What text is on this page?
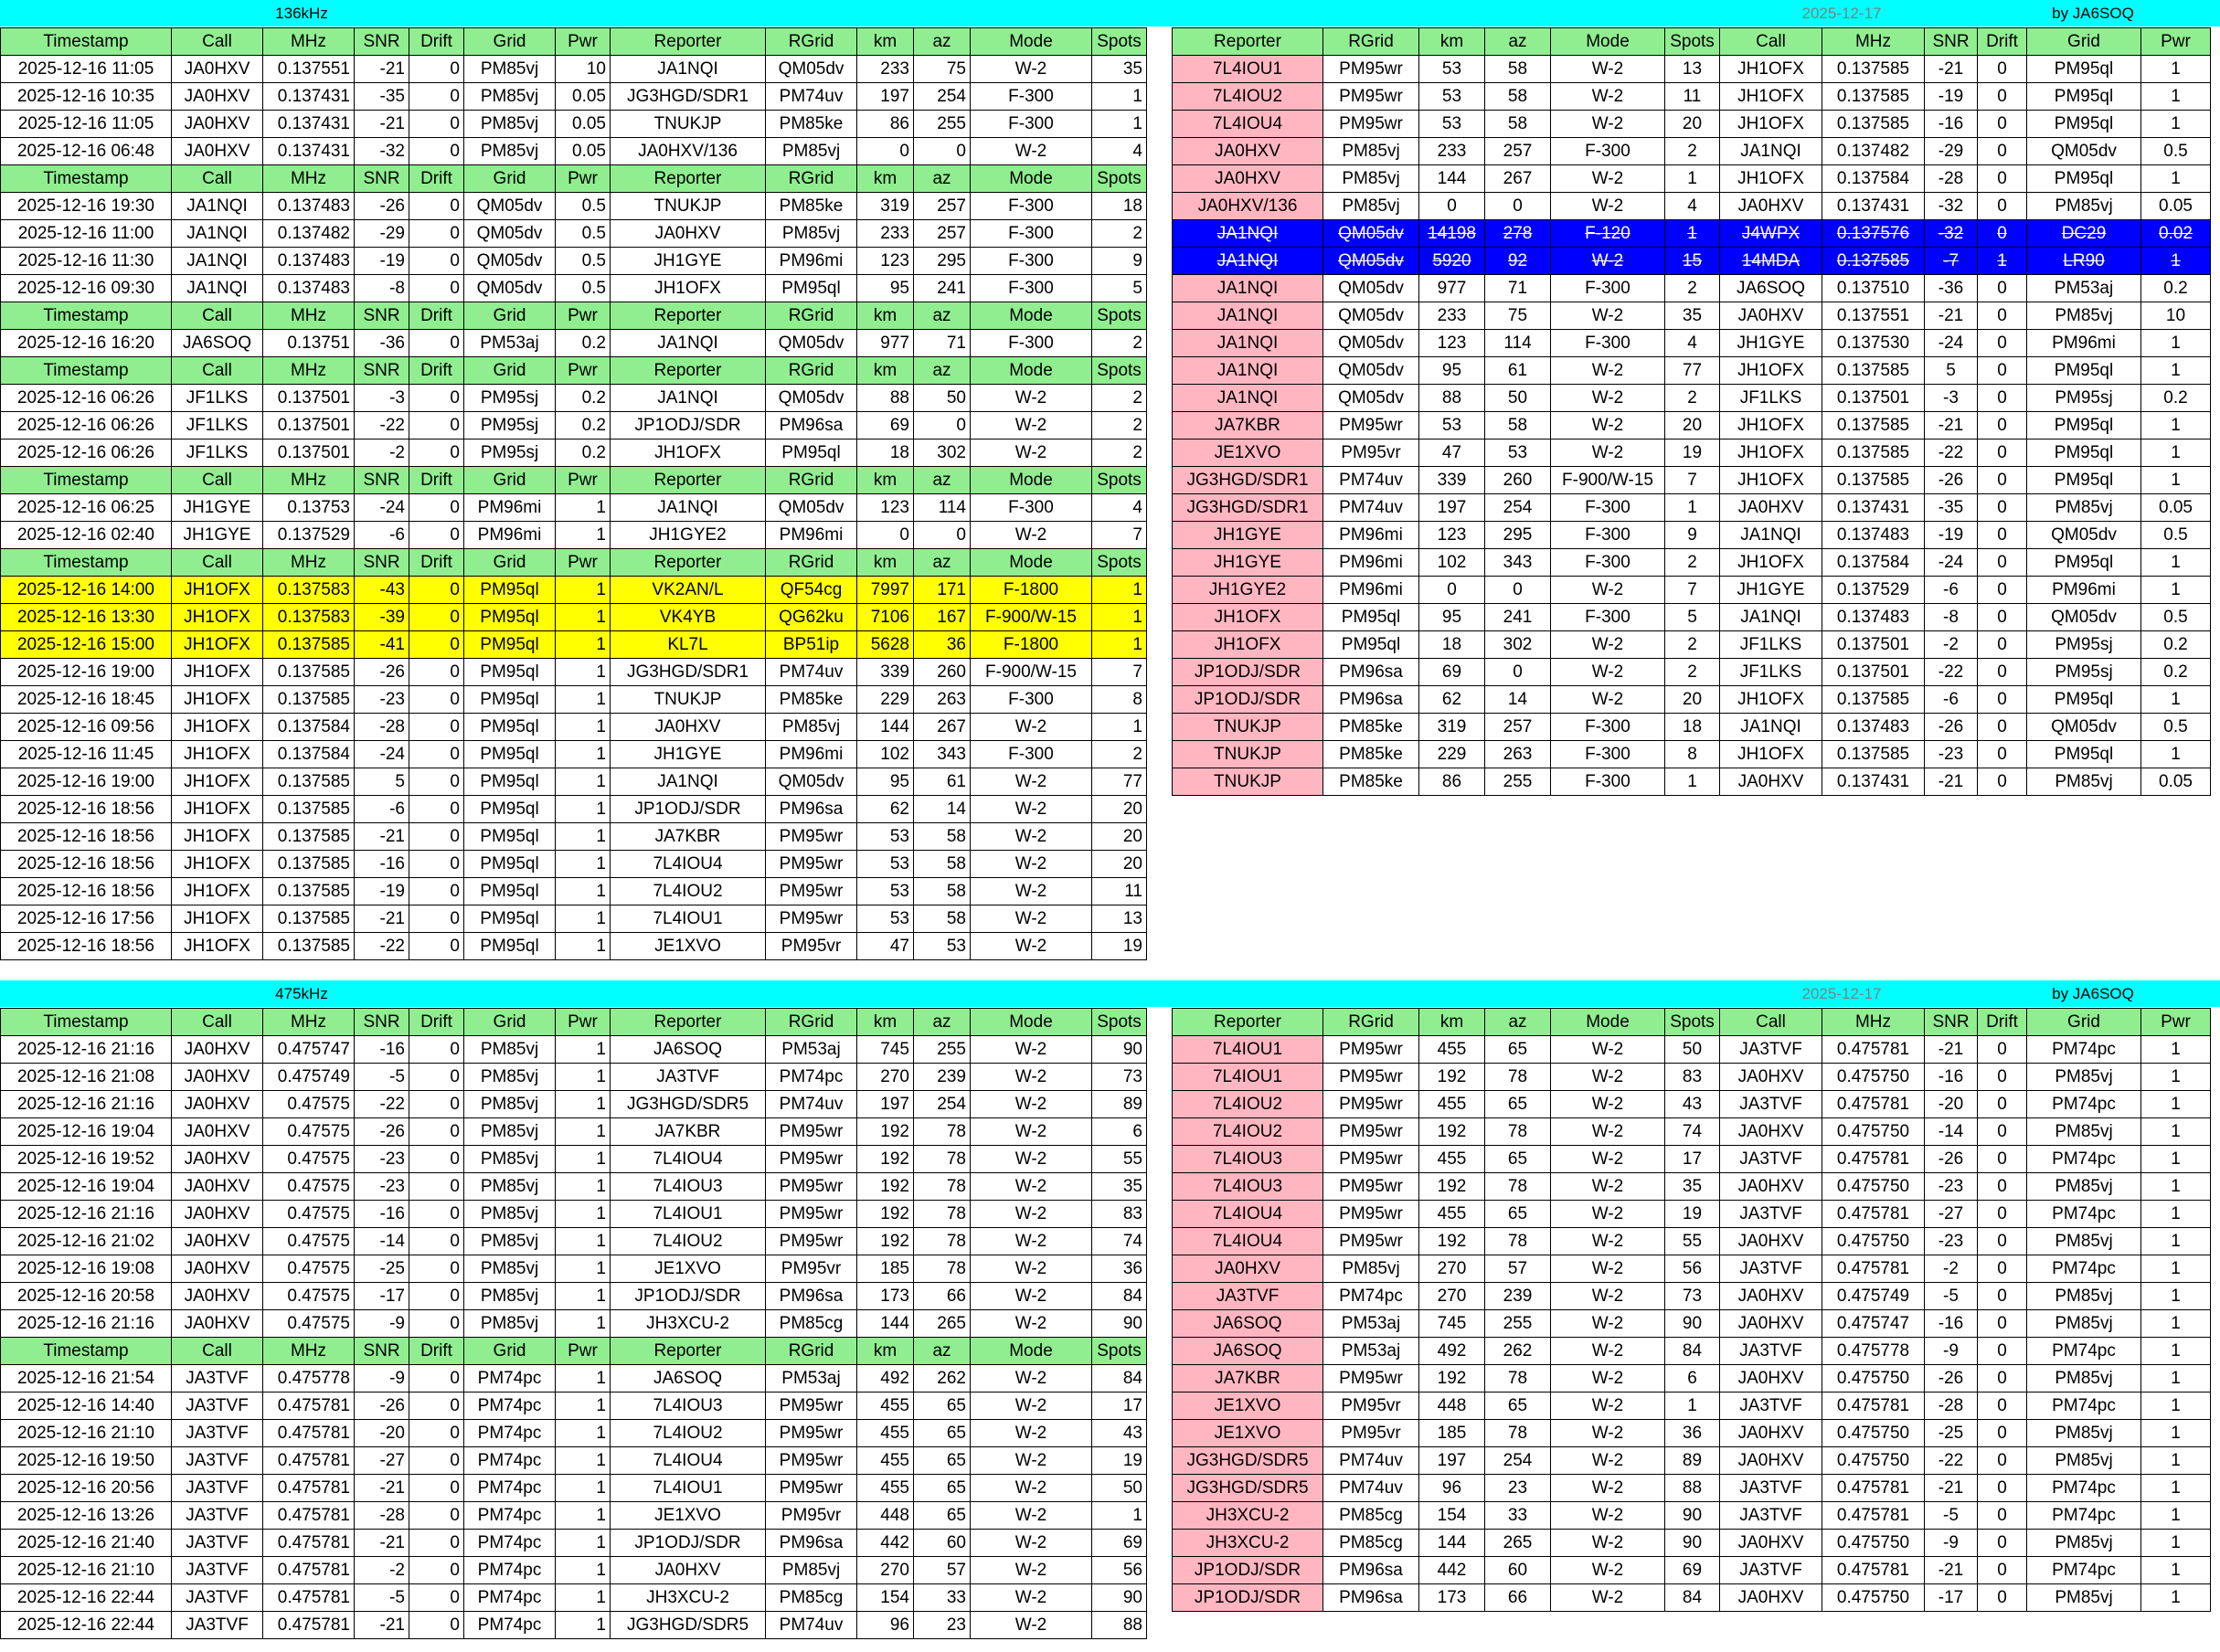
136kHz	2025-12-17	by JA6SOQ
Timestamp	Call	MHz	SNR	Drift	Grid	Pwr	Reporter	RGrid	km	az	Mode	Spots
2025-12-16 11:05	JA0HXV	0.137551	-21	0	PM85vj	10	JA1NQI	QM05dv	233	75	W-2	35
2025-12-16 10:35	JA0HXV	0.137431	-35	0	PM85vj	0.05	JG3HGD/SDR1	PM74uv	197	254	F-300	1
2025-12-16 11:05	JA0HXV	0.137431	-21	0	PM85vj	0.05	TNUKJP	PM85ke	86	255	F-300	1
2025-12-16 06:48	JA0HXV	0.137431	-32	0	PM85vj	0.05	JA0HXV/136	PM85vj	0	0	W-2	4
Timestamp	Call	MHz	SNR	Drift	Grid	Pwr	Reporter	RGrid	km	az	Mode	Spots
2025-12-16 19:30	JA1NQI	0.137483	-26	0	QM05dv	0.5	TNUKJP	PM85ke	319	257	F-300	18
2025-12-16 11:00	JA1NQI	0.137482	-29	0	QM05dv	0.5	JA0HXV	PM85vj	233	257	F-300	2
2025-12-16 11:30	JA1NQI	0.137483	-19	0	QM05dv	0.5	JH1GYE	PM96mi	123	295	F-300	9
2025-12-16 09:30	JA1NQI	0.137483	-8	0	QM05dv	0.5	JH1OFX	PM95ql	95	241	F-300	5
Timestamp	Call	MHz	SNR	Drift	Grid	Pwr	Reporter	RGrid	km	az	Mode	Spots
2025-12-16 16:20	JA6SOQ	0.13751	-36	0	PM53aj	0.2	JA1NQI	QM05dv	977	71	F-300	2
Timestamp	Call	MHz	SNR	Drift	Grid	Pwr	Reporter	RGrid	km	az	Mode	Spots
2025-12-16 06:26	JF1LKS	0.137501	-3	0	PM95sj	0.2	JA1NQI	QM05dv	88	50	W-2	2
2025-12-16 06:26	JF1LKS	0.137501	-22	0	PM95sj	0.2	JP1ODJ/SDR	PM96sa	69	0	W-2	2
2025-12-16 06:26	JF1LKS	0.137501	-2	0	PM95sj	0.2	JH1OFX	PM95ql	18	302	W-2	2
Timestamp	Call	MHz	SNR	Drift	Grid	Pwr	Reporter	RGrid	km	az	Mode	Spots
2025-12-16 06:25	JH1GYE	0.13753	-24	0	PM96mi	1	JA1NQI	QM05dv	123	114	F-300	4
2025-12-16 02:40	JH1GYE	0.137529	-6	0	PM96mi	1	JH1GYE2	PM96mi	0	0	W-2	7
Timestamp	Call	MHz	SNR	Drift	Grid	Pwr	Reporter	RGrid	km	az	Mode	Spots
2025-12-16 14:00	JH1OFX	0.137583	-43	0	PM95ql	1	VK2AN/L	QF54cg	7997	171	F-1800	1
2025-12-16 13:30	JH1OFX	0.137583	-39	0	PM95ql	1	VK4YB	QG62ku	7106	167	F-900/W-15	1
2025-12-16 15:00	JH1OFX	0.137585	-41	0	PM95ql	1	KL7L	BP51ip	5628	36	F-1800	1
2025-12-16 19:00	JH1OFX	0.137585	-26	0	PM95ql	1	JG3HGD/SDR1	PM74uv	339	260	F-900/W-15	7
2025-12-16 18:45	JH1OFX	0.137585	-23	0	PM95ql	1	TNUKJP	PM85ke	229	263	F-300	8
2025-12-16 09:56	JH1OFX	0.137584	-28	0	PM95ql	1	JA0HXV	PM85vj	144	267	W-2	1
2025-12-16 11:45	JH1OFX	0.137584	-24	0	PM95ql	1	JH1GYE	PM96mi	102	343	F-300	2
2025-12-16 19:00	JH1OFX	0.137585	5	0	PM95ql	1	JA1NQI	QM05dv	95	61	W-2	77
2025-12-16 18:56	JH1OFX	0.137585	-6	0	PM95ql	1	JP1ODJ/SDR	PM96sa	62	14	W-2	20
2025-12-16 18:56	JH1OFX	0.137585	-21	0	PM95ql	1	JA7KBR	PM95wr	53	58	W-2	20
2025-12-16 18:56	JH1OFX	0.137585	-16	0	PM95ql	1	7L4IOU4	PM95wr	53	58	W-2	20
2025-12-16 18:56	JH1OFX	0.137585	-19	0	PM95ql	1	7L4IOU2	PM95wr	53	58	W-2	11
2025-12-16 17:56	JH1OFX	0.137585	-21	0	PM95ql	1	7L4IOU1	PM95wr	53	58	W-2	13
2025-12-16 18:56	JH1OFX	0.137585	-22	0	PM95ql	1	JE1XVO	PM95vr	47	53	W-2	19
Reporter	RGrid	km	az	Mode	Spots	Call	MHz	SNR	Drift	Grid	Pwr
7L4IOU1	PM95wr	53	58	W-2	13	JH1OFX	0.137585	-21	0	PM95ql	1
7L4IOU2	PM95wr	53	58	W-2	11	JH1OFX	0.137585	-19	0	PM95ql	1
7L4IOU4	PM95wr	53	58	W-2	20	JH1OFX	0.137585	-16	0	PM95ql	1
JA0HXV	PM85vj	233	257	F-300	2	JA1NQI	0.137482	-29	0	QM05dv	0.5
JA0HXV	PM85vj	144	267	W-2	1	JH1OFX	0.137584	-28	0	PM95ql	1
JA0HXV/136	PM85vj	0	0	W-2	4	JA0HXV	0.137431	-32	0	PM85vj	0.05
JA1NQI	QM05dv	14198	278	F-120	1	J4WPX	0.137576	-32	0	DC29	0.02
JA1NQI	QM05dv	5920	92	W-2	15	14MDA	0.137585	-7	1	LR90	1
JA1NQI	QM05dv	977	71	F-300	2	JA6SOQ	0.137510	-36	0	PM53aj	0.2
JA1NQI	QM05dv	233	75	W-2	35	JA0HXV	0.137551	-21	0	PM85vj	10
JA1NQI	QM05dv	123	114	F-300	4	JH1GYE	0.137530	-24	0	PM96mi	1
JA1NQI	QM05dv	95	61	W-2	77	JH1OFX	0.137585	5	0	PM95ql	1
JA1NQI	QM05dv	88	50	W-2	2	JF1LKS	0.137501	-3	0	PM95sj	0.2
JA7KBR	PM95wr	53	58	W-2	20	JH1OFX	0.137585	-21	0	PM95ql	1
JE1XVO	PM95vr	47	53	W-2	19	JH1OFX	0.137585	-22	0	PM95ql	1
JG3HGD/SDR1	PM74uv	339	260	F-900/W-15	7	JH1OFX	0.137585	-26	0	PM95ql	1
JG3HGD/SDR1	PM74uv	197	254	F-300	1	JA0HXV	0.137431	-35	0	PM85vj	0.05
JH1GYE	PM96mi	123	295	F-300	9	JA1NQI	0.137483	-19	0	QM05dv	0.5
JH1GYE	PM96mi	102	343	F-300	2	JH1OFX	0.137584	-24	0	PM95ql	1
JH1GYE2	PM96mi	0	0	W-2	7	JH1GYE	0.137529	-6	0	PM96mi	1
JH1OFX	PM95ql	95	241	F-300	5	JA1NQI	0.137483	-8	0	QM05dv	0.5
JH1OFX	PM95ql	18	302	W-2	2	JF1LKS	0.137501	-2	0	PM95sj	0.2
JP1ODJ/SDR	PM96sa	69	0	W-2	2	JF1LKS	0.137501	-22	0	PM95sj	0.2
JP1ODJ/SDR	PM96sa	62	14	W-2	20	JH1OFX	0.137585	-6	0	PM95ql	1
TNUKJP	PM85ke	319	257	F-300	18	JA1NQI	0.137483	-26	0	QM05dv	0.5
TNUKJP	PM85ke	229	263	F-300	8	JH1OFX	0.137585	-23	0	PM95ql	1
TNUKJP	PM85ke	86	255	F-300	1	JA0HXV	0.137431	-21	0	PM85vj	0.05
475kHz	2025-12-17	by JA6SOQ
Timestamp	Call	MHz	SNR	Drift	Grid	Pwr	Reporter	RGrid	km	az	Mode	Spots
2025-12-16 21:16	JA0HXV	0.475747	-16	0	PM85vj	1	JA6SOQ	PM53aj	745	255	W-2	90
2025-12-16 21:08	JA0HXV	0.475749	-5	0	PM85vj	1	JA3TVF	PM74pc	270	239	W-2	73
2025-12-16 21:16	JA0HXV	0.47575	-22	0	PM85vj	1	JG3HGD/SDR5	PM74uv	197	254	W-2	89
2025-12-16 19:04	JA0HXV	0.47575	-26	0	PM85vj	1	JA7KBR	PM95wr	192	78	W-2	6
2025-12-16 19:52	JA0HXV	0.47575	-23	0	PM85vj	1	7L4IOU4	PM95wr	192	78	W-2	55
2025-12-16 19:04	JA0HXV	0.47575	-23	0	PM85vj	1	7L4IOU3	PM95wr	192	78	W-2	35
2025-12-16 21:16	JA0HXV	0.47575	-16	0	PM85vj	1	7L4IOU1	PM95wr	192	78	W-2	83
2025-12-16 21:02	JA0HXV	0.47575	-14	0	PM85vj	1	7L4IOU2	PM95wr	192	78	W-2	74
2025-12-16 19:08	JA0HXV	0.47575	-25	0	PM85vj	1	JE1XVO	PM95vr	185	78	W-2	36
2025-12-16 20:58	JA0HXV	0.47575	-17	0	PM85vj	1	JP1ODJ/SDR	PM96sa	173	66	W-2	84
2025-12-16 21:16	JA0HXV	0.47575	-9	0	PM85vj	1	JH3XCU-2	PM85cg	144	265	W-2	90
Timestamp	Call	MHz	SNR	Drift	Grid	Pwr	Reporter	RGrid	km	az	Mode	Spots
2025-12-16 21:54	JA3TVF	0.475778	-9	0	PM74pc	1	JA6SOQ	PM53aj	492	262	W-2	84
2025-12-16 14:40	JA3TVF	0.475781	-26	0	PM74pc	1	7L4IOU3	PM95wr	455	65	W-2	17
2025-12-16 21:10	JA3TVF	0.475781	-20	0	PM74pc	1	7L4IOU2	PM95wr	455	65	W-2	43
2025-12-16 19:50	JA3TVF	0.475781	-27	0	PM74pc	1	7L4IOU4	PM95wr	455	65	W-2	19
2025-12-16 20:56	JA3TVF	0.475781	-21	0	PM74pc	1	7L4IOU1	PM95wr	455	65	W-2	50
2025-12-16 13:26	JA3TVF	0.475781	-28	0	PM74pc	1	JE1XVO	PM95vr	448	65	W-2	1
2025-12-16 21:40	JA3TVF	0.475781	-21	0	PM74pc	1	JP1ODJ/SDR	PM96sa	442	60	W-2	69
2025-12-16 21:10	JA3TVF	0.475781	-2	0	PM74pc	1	JA0HXV	PM85vj	270	57	W-2	56
2025-12-16 22:44	JA3TVF	0.475781	-5	0	PM74pc	1	JH3XCU-2	PM85cg	154	33	W-2	90
2025-12-16 22:44	JA3TVF	0.475781	-21	0	PM74pc	1	JG3HGD/SDR5	PM74uv	96	23	W-2	88
Reporter	RGrid	km	az	Mode	Spots	Call	MHz	SNR	Drift	Grid	Pwr
7L4IOU1	PM95wr	455	65	W-2	50	JA3TVF	0.475781	-21	0	PM74pc	1
7L4IOU1	PM95wr	192	78	W-2	83	JA0HXV	0.475750	-16	0	PM85vj	1
7L4IOU2	PM95wr	455	65	W-2	43	JA3TVF	0.475781	-20	0	PM74pc	1
7L4IOU2	PM95wr	192	78	W-2	74	JA0HXV	0.475750	-14	0	PM85vj	1
7L4IOU3	PM95wr	455	65	W-2	17	JA3TVF	0.475781	-26	0	PM74pc	1
7L4IOU3	PM95wr	192	78	W-2	35	JA0HXV	0.475750	-23	0	PM85vj	1
7L4IOU4	PM95wr	455	65	W-2	19	JA3TVF	0.475781	-27	0	PM74pc	1
7L4IOU4	PM95wr	192	78	W-2	55	JA0HXV	0.475750	-23	0	PM85vj	1
JA0HXV	PM85vj	270	57	W-2	56	JA3TVF	0.475781	-2	0	PM74pc	1
JA3TVF	PM74pc	270	239	W-2	73	JA0HXV	0.475749	-5	0	PM85vj	1
JA6SOQ	PM53aj	745	255	W-2	90	JA0HXV	0.475747	-16	0	PM85vj	1
JA6SOQ	PM53aj	492	262	W-2	84	JA3TVF	0.475778	-9	0	PM74pc	1
JA7KBR	PM95wr	192	78	W-2	6	JA0HXV	0.475750	-26	0	PM85vj	1
JE1XVO	PM95vr	448	65	W-2	1	JA3TVF	0.475781	-28	0	PM74pc	1
JE1XVO	PM95vr	185	78	W-2	36	JA0HXV	0.475750	-25	0	PM85vj	1
JG3HGD/SDR5	PM74uv	197	254	W-2	89	JA0HXV	0.475750	-22	0	PM85vj	1
JG3HGD/SDR5	PM74uv	96	23	W-2	88	JA3TVF	0.475781	-21	0	PM74pc	1
JH3XCU-2	PM85cg	154	33	W-2	90	JA3TVF	0.475781	-5	0	PM74pc	1
JH3XCU-2	PM85cg	144	265	W-2	90	JA0HXV	0.475750	-9	0	PM85vj	1
JP1ODJ/SDR	PM96sa	442	60	W-2	69	JA3TVF	0.475781	-21	0	PM74pc	1
JP1ODJ/SDR	PM96sa	173	66	W-2	84	JA0HXV	0.475750	-17	0	PM85vj	1
